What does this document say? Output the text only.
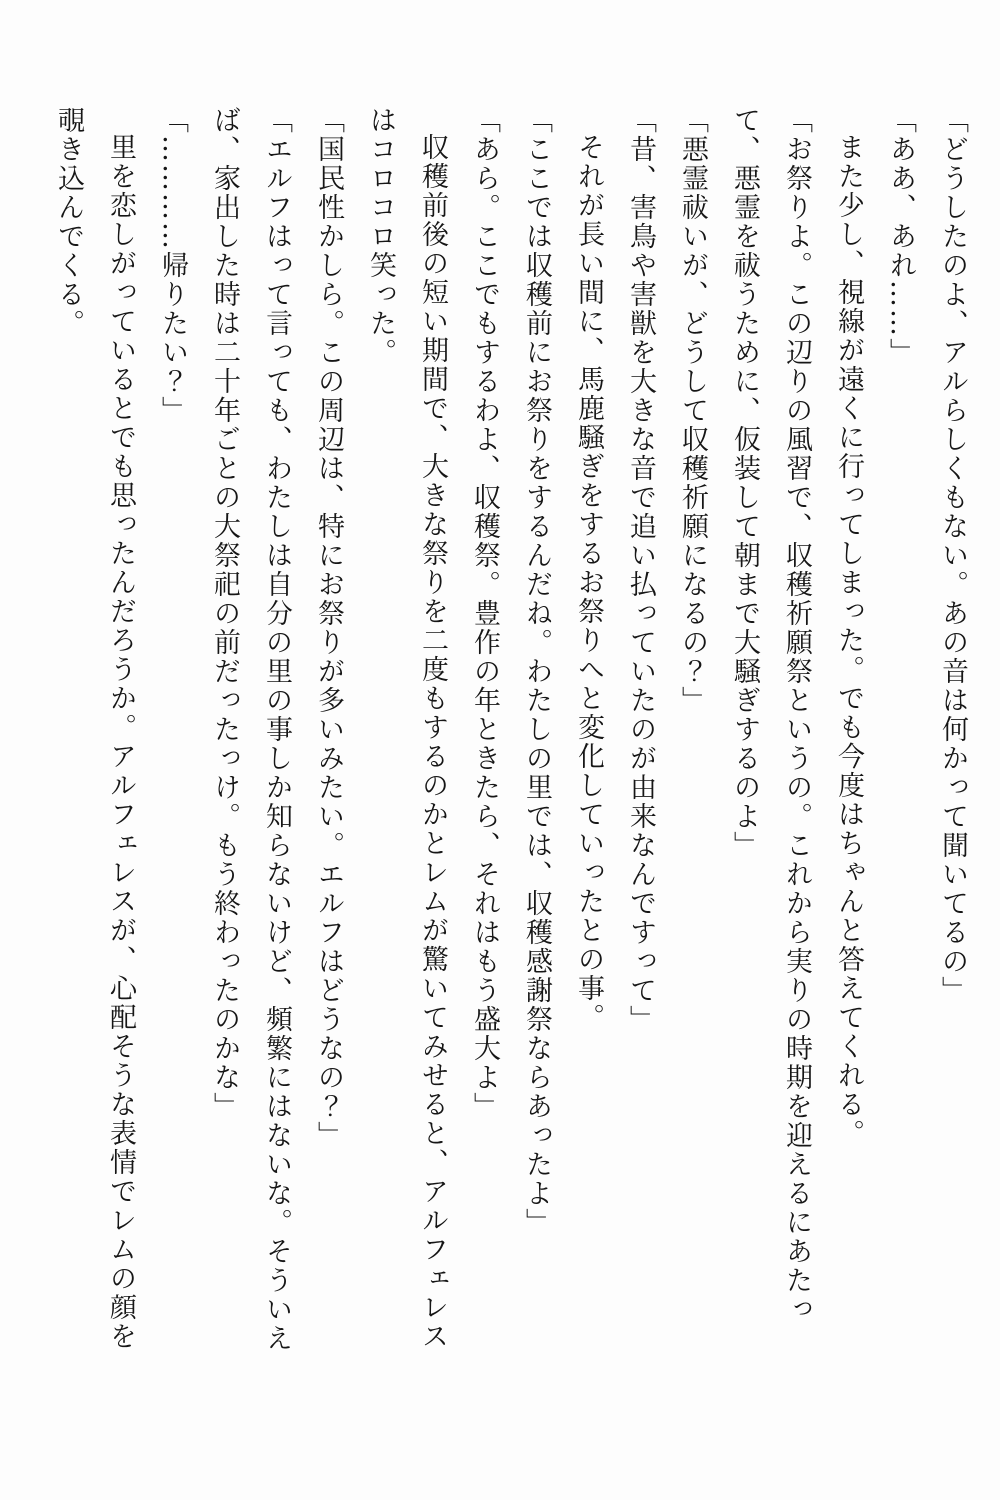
「どうしたのよ、アルらしくもない。あの音は何かって聞いてるの」

「ああ、あれ……」

また少し、視線が遠くに行ってしまった。でも今度はちゃんと答えてくれる。

「お祭りよ。この辺りの風習で、収穫祈願祭というの。これから実りの時期を迎えるにあたっ

て、悪霊を祓うために、仮装して朝まで大騒ぎするのよ」

「悪霊祓いが、どうして収穫祈願になるの？」

「昔、害鳥や害獣を大きな音で追い払っていたのが由来なんですって」

それが長い間に、馬鹿騒ぎをするお祭りへと変化していったとの事。

「ここでは収穫前にお祭りをするんだね。わたしの里では、収穫感謝祭ならあったよ」

「あら。ここでもするわよ、収穫祭。豊作の年ときたら、それはもう盛大よ」

収穫前後の短い期間で、大きな祭りを二度もするのかとレムが驚いてみせると、アルフェレス

はコロコロ笑った。

「国民性かしら。この周辺は、特にお祭りが多いみたい。エルフはどうなの？」

「エルフはって言っても、わたしは自分の里の事しか知らないけど、頻繁にはないな。そういえ

ば、家出した時は二十年ごとの大祭祀の前だったっけ。もう終わったのかな」

「…………帰りたい？」

里を恋しがっているとでも思ったんだろうか。アルフェレスが、心配そうな表情でレムの顔を

覗き込んでくる。
